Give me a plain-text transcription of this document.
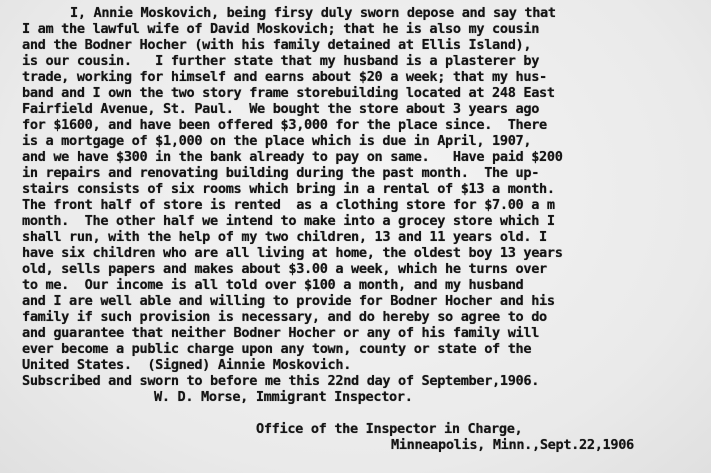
I, Annie Moskovich, being firsy duly sworn depose and say that
I am the lawful wife of David Moskovich; that he is also my cousin
and the Bodner Hocher (with his family detained at Ellis Island),
is our cousin.   I further state that my husband is a plasterer by
trade, working for himself and earns about $20 a week; that my hus-
band and I own the two story frame storebuilding located at 248 East
Fairfield Avenue, St. Paul.  We bought the store about 3 years ago
for $1600, and have been offered $3,000 for the place since.  There
is a mortgage of $1,000 on the place which is due in April, 1907,
and we have $300 in the bank already to pay on same.   Have paid $200
in repairs and renovating building during the past month.  The up-
stairs consists of six rooms which bring in a rental of $13 a month.
The front half of store is rented  as a clothing store for $7.00 a m
month.  The other half we intend to make into a grocey store which I
shall run, with the help of my two children, 13 and 11 years old. I
have six children who are all living at home, the oldest boy 13 years
old, sells papers and makes about $3.00 a week, which he turns over
to me.  Our income is all told over $100 a month, and my husband
and I are well able and willing to provide for Bodner Hocher and his
family if such provision is necessary, and do hereby so agree to do
and guarantee that neither Bodner Hocher or any of his family will
ever become a public charge upon any town, county or state of the
United States.  (Signed) Ainnie Moskovich.
Subscribed and sworn to before me this 22nd day of September,1906.
W. D. Morse, Immigrant Inspector.
Office of the Inspector in Charge,
Minneapolis, Minn.,Sept.22,1906
